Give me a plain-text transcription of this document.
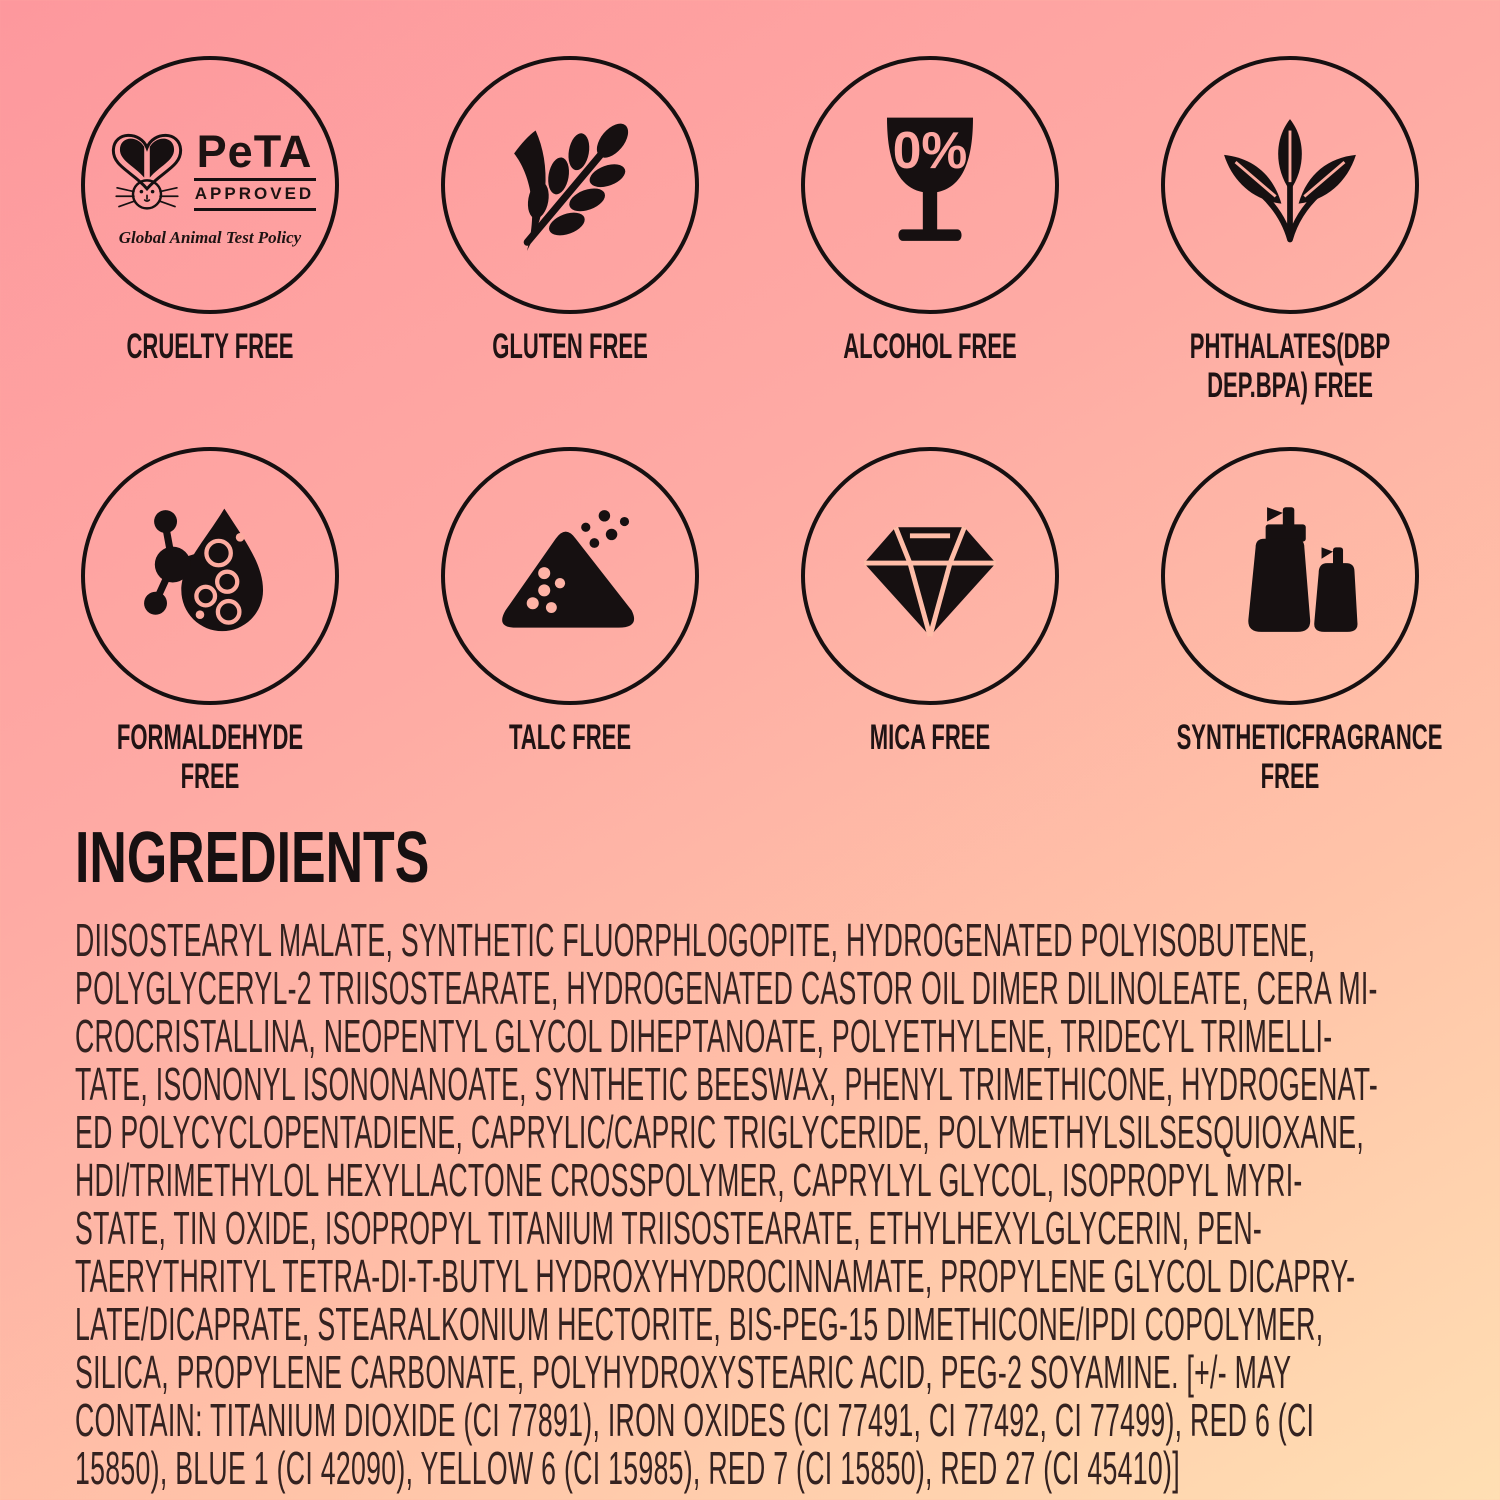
PeTA
APPROVED
Global Animal Test Policy
CRUELTY FREE	GLUTEN FREE
0%
ALCOHOL FREE	PHTHALATES(DBP DEP.BPA) FREE
FORMALDEHYDE FREE
TALC FREE	MICA FREE	SYNTHETICFRAGRANCE FREE
INGREDIENTS
DIISOSTEARYL MALATE, SYNTHETIC FLUORPHLOGOPITE, HYDROGENATED POLYISOBUTENE,
POLYGLYCERYL-2 TRIISOSTEARATE, HYDROGENATED CASTOR OIL DIMER DILINOLEATE, CERA MI-
CROCRISTALLINA, NEOPENTYL GLYCOL DIHEPTANOATE, POLYETHYLENE, TRIDECYL TRIMELLI-
TATE, ISONONYL ISONONANOATE, SYNTHETIC BEESWAX, PHENYL TRIMETHICONE, HYDROGENAT-
ED POLYCYCLOPENTADIENE, CAPRYLIC/CAPRIC TRIGLYCERIDE, POLYMETHYLSILSESQUIOXANE,
HDI/TRIMETHYLOL HEXYLLACTONE CROSSPOLYMER, CAPRYLYL GLYCOL, ISOPROPYL MYRI-
STATE, TIN OXIDE, ISOPROPYL TITANIUM TRIISOSTEARATE, ETHYLHEXYLGLYCERIN, PEN-
TAERYTHRITYL TETRA-DI-T-BUTYL HYDROXYHYDROCINNAMATE, PROPYLENE GLYCOL DICAPRY-
LATE/DICAPRATE, STEARALKONIUM HECTORITE, BIS-PEG-15 DIMETHICONE/IPDI COPOLYMER,
SILICA, PROPYLENE CARBONATE, POLYHYDROXYSTEARIC ACID, PEG-2 SOYAMINE. [+/- MAY
CONTAIN: TITANIUM DIOXIDE (CI 77891), IRON OXIDES (CI 77491, CI 77492, CI 77499), RED 6 (CI
15850), BLUE 1 (CI 42090), YELLOW 6 (CI 15985), RED 7 (CI 15850), RED 27 (CI 45410)]
